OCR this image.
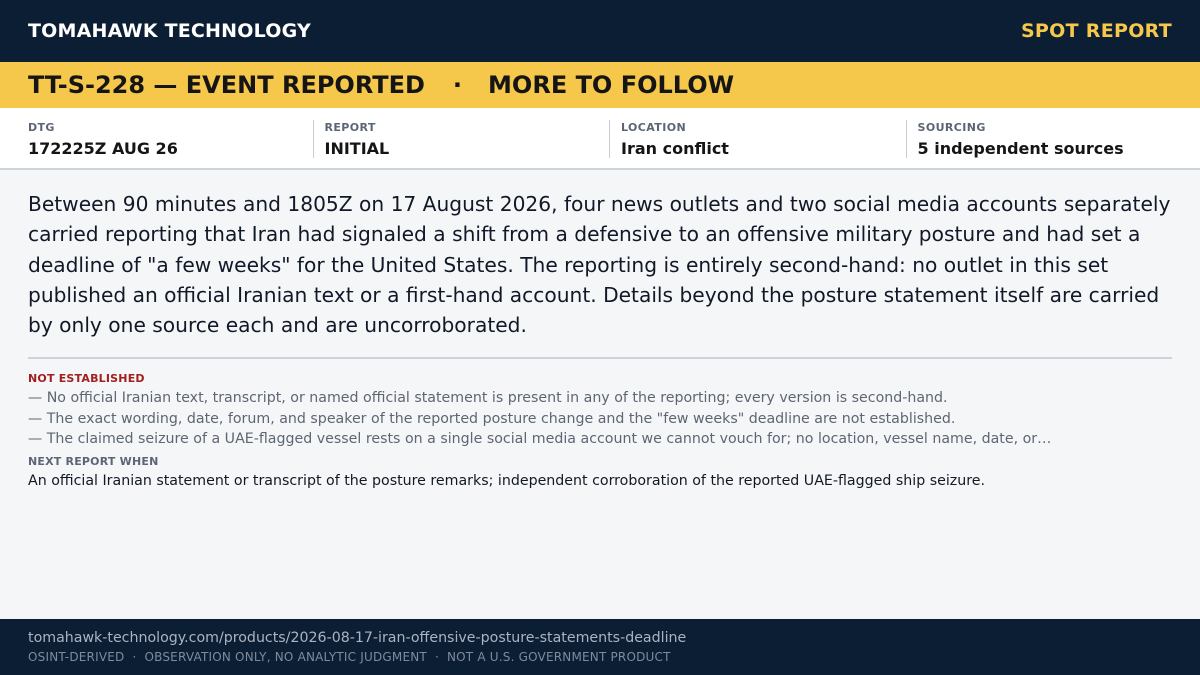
TOMAHAWK TECHNOLOGY	SPOT REPORT
TT-S-228 — EVENT REPORTED · MORE TO FOLLOW
DTG
172225Z AUG 26
REPORT
INITIAL
LOCATION
Iran conflict
SOURCING
5 independent sources

Between 90 minutes and 1805Z on 17 August 2026, four news outlets and two social media accounts separately carried reporting that Iran had signaled a shift from a defensive to an offensive military posture and had set a deadline of "a few weeks" for the United States. The reporting is entirely second-hand: no outlet in this set published an official Iranian text or a first-hand account. Details beyond the posture statement itself are carried by only one source each and are uncorroborated.

NOT ESTABLISHED
— No official Iranian text, transcript, or named official statement is present in any of the reporting; every version is second-hand.
— The exact wording, date, forum, and speaker of the reported posture change and the "few weeks" deadline are not established.
— The claimed seizure of a UAE-flagged vessel rests on a single social media account we cannot vouch for; no location, vessel name, date, or…
NEXT REPORT WHEN
An official Iranian statement or transcript of the posture remarks; independent corroboration of the reported UAE-flagged ship seizure.
tomahawk-technology.com/products/2026-08-17-iran-offensive-posture-statements-deadline
OSINT-DERIVED · OBSERVATION ONLY, NO ANALYTIC JUDGMENT · NOT A U.S. GOVERNMENT PRODUCT
